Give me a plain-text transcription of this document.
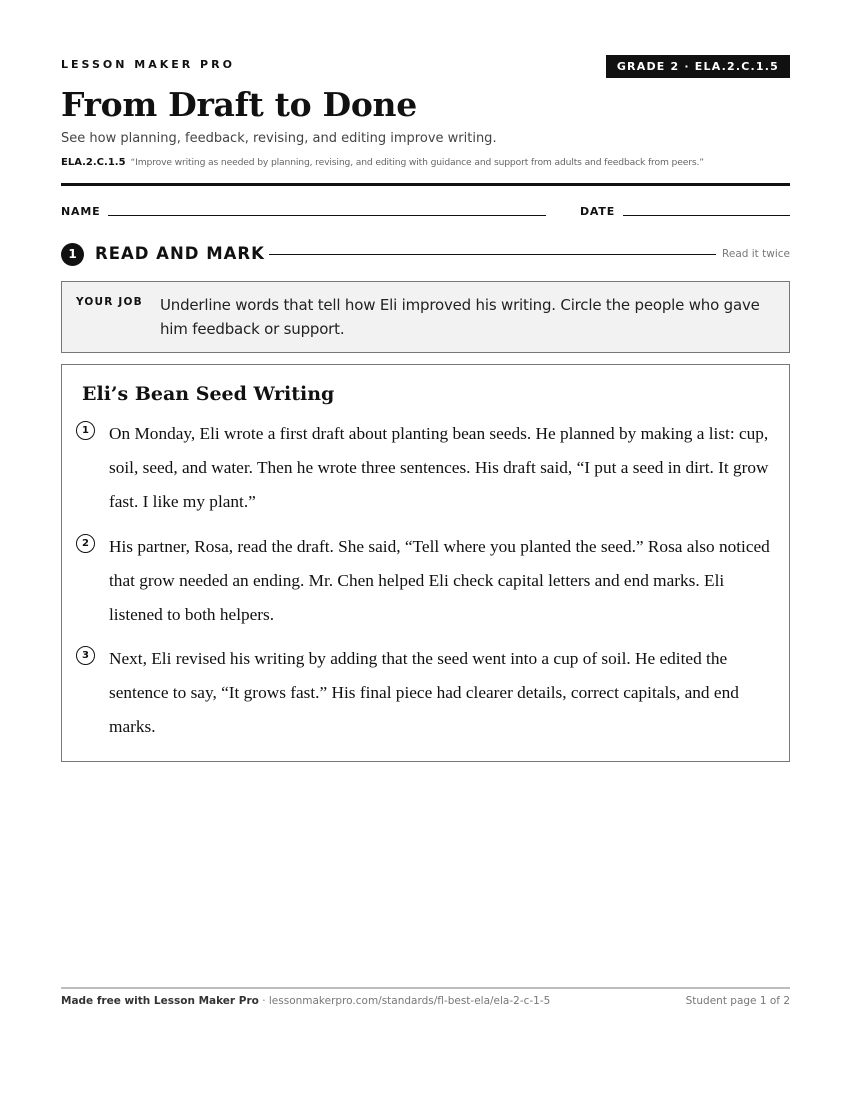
LESSON MAKER PRO	GRADE 2 · ELA.2.C.1.5
From Draft to Done
See how planning, feedback, revising, and editing improve writing.
ELA.2.C.1.5 “Improve writing as needed by planning, revising, and editing with guidance and support from adults and feedback from peers.”
NAME	DATE
1	READ AND MARK	Read it twice
YOUR JOB Underline words that tell how Eli improved his writing. Circle the people who gave him feedback or support.
Eli’s Bean Seed Writing
1	On Monday, Eli wrote a first draft about planting bean seeds. He planned by making a list: cup, soil, seed, and water. Then he wrote three sentences. His draft said, “I put a seed in dirt. It grow fast. I like my plant.”
2	His partner, Rosa, read the draft. She said, “Tell where you planted the seed.” Rosa also noticed that grow needed an ending. Mr. Chen helped Eli check capital letters and end marks. Eli listened to both helpers.
3	Next, Eli revised his writing by adding that the seed went into a cup of soil. He edited the sentence to say, “It grows fast.” His final piece had clearer details, correct capitals, and end marks.
Made free with Lesson Maker Pro · lessonmakerpro.com/standards/fl-best-ela/ela-2-c-1-5	Student page 1 of 2
